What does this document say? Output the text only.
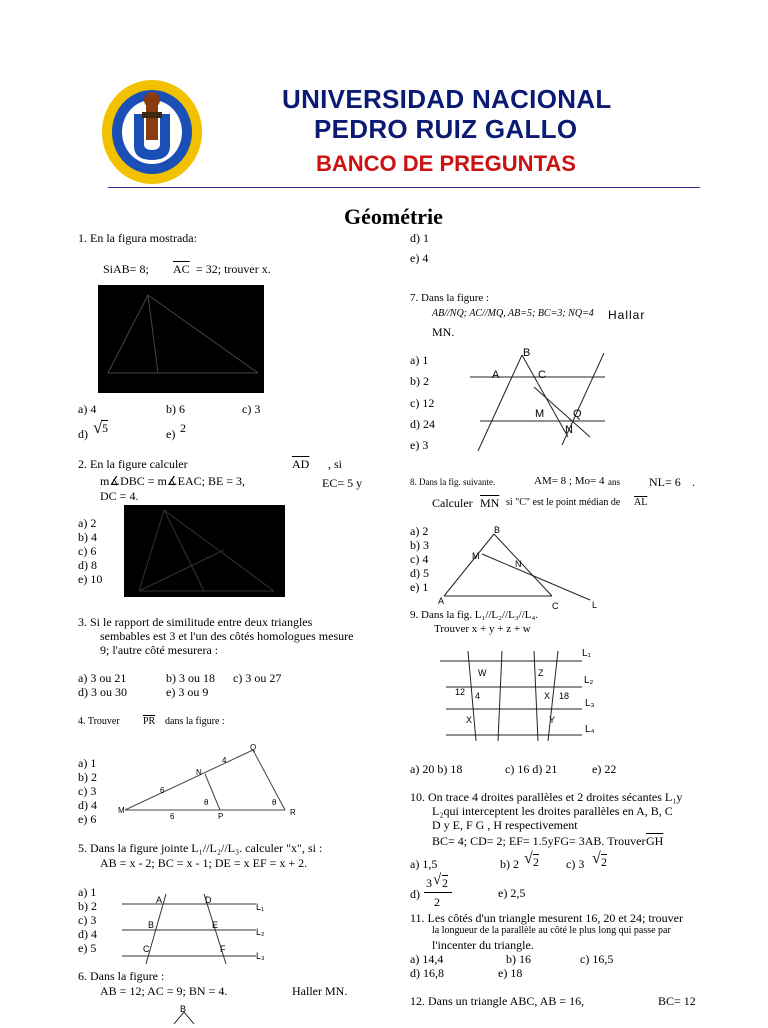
UNIVERSIDAD NACIONAL
PEDRO RUIZ GALLO
BANCO DE PREGUNTAS
Géométrie
1. En la figura mostrada:
SiAB= 8; $\overline{AC} = 32$; trouver x.
a) 4	b) 6	c) 3
d) √ 5	e) 2
2. En la figure calculer	$\overline{AD}$ , si
m∡DBC = m∡EAC; BE = 3,	EC= 5 y
DC = 4.
a) 2
b) 4
c) 6
d) 8
e) 10
3. Si le rapport de similitude entre deux triangles
sembables est 3 et l'un des côtés homologues mesure
9; l'autre côté mesurera :
a) 3 ou 21	b) 3 ou 18 c) 3 ou 27
d) 3 ou 30	e) 3 ou 9
4. Trouver $\overline{PR}$ dans la figure :
a) 1
b) 2
c) 3
d) 4
e) 6
Q
4
N
6
θ	θ
M
6	P	R
5. Dans la figure jointe L₁//L₂//L₃. calculer "x", si :
AB = x - 2; BC = x - 1; DE = x EF = x + 2.
a) 1
b) 2
c) 3
d) 4
e) 5
A	D
L₁
B	E
L₂
C	F
L₃
6. Dans la figure :
AB = 12; AC = 9; BN = 4.	Haller MN.
B
d) 1
e) 4
7. Dans la figure :
AB//NQ; AC//MQ, AB=5; BC=3; NQ=4 Hallar
MN.
a) 1
b) 2
c) 12
d) 24
e) 3
B
A	C
M	Q
N
8. Dans la fig. suivante.	AM= 8 ; Mo= 4 ans NL= 6 .
Calculer $\overline{MN}$ si "C" est le point médian de $\overline{AL}$
a) 2
b) 3
c) 4
d) 5
e) 1
B
M
N
A	C	L
9. Dans la fig. L₁//L₂//L₃//L₄.
Trouver x + y + z + w
L₁
W	Z
L₂
12 4	X 18
L₃
X	Y
L₄
a) 20 b) 18	c) 16 d) 21	e) 22
10. On trace 4 droites parallèles et 2 droites sécantes L₁y
L₂qui interceptent les droites parallèles en A, B, C
D y E, F G , H respectivement
BC= 4; CD= 2; EF= 1.5yFG= 3AB. Trouver $\overline{GH}$
a) 1,5	b) 2 √ 2 c) 3 √ 2
d)
3 √ 2
2
e) 2,5
11. Les côtés d'un triangle mesurent 16, 20 et 24; trouver
la longueur de la parallèle au côté le plus long qui passe par
l'incenter du triangle.
a) 14,4	b) 16	c) 16,5
d) 16,8	e) 18
12. Dans un triangle ABC, AB = 16,	BC= 12
